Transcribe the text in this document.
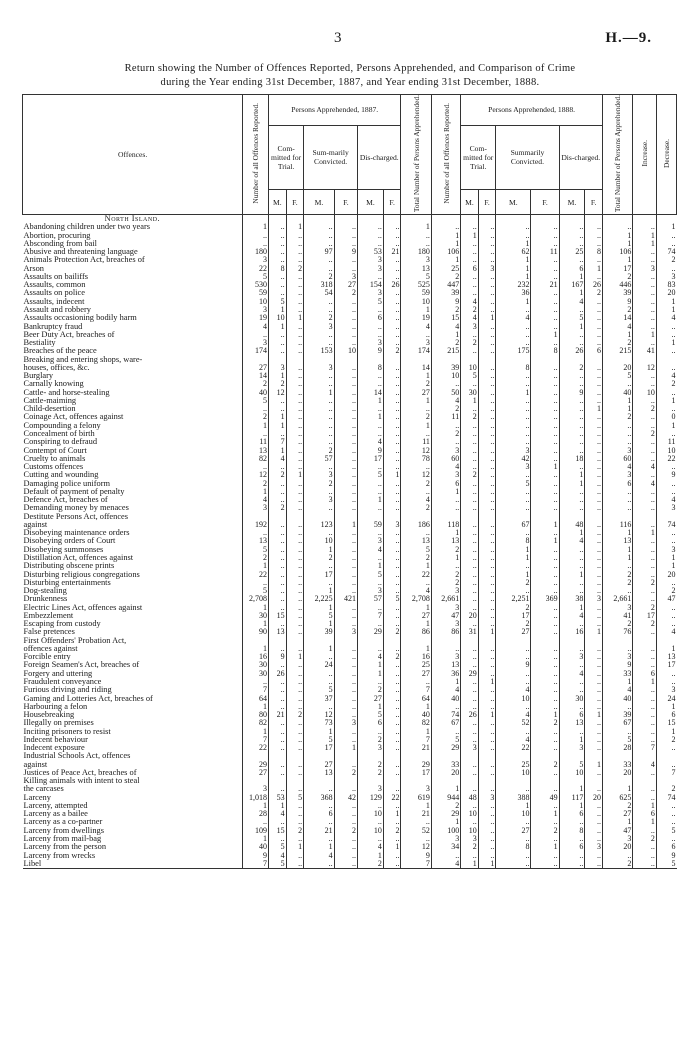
3	H.—9.
Return showing the Number of Offences Reported, Persons Apprehended, and Comparison of Crime
during the Year ending 31st December, 1887, and Year ending 31st December, 1888.
Offences.	Number of all Offences Reported.	Persons Apprehended, 1887.						Total Number of Persons Apprehended.	Number of all Offences Reported.	Persons Apprehended, 1888.						Total Number of Persons Apprehended.	Increase.	Decrease.
		Com-mitted for Trial.		Sum-marily Convicted.		Dis-charged.				Com-mitted for Trial.		Summarily Convicted.		Dis-charged.				
		M.	F.	M.	F.	M.	F.			M.	F.	M.	F.	M.	F.			
North Island.																		
Abandoning children under two years	1	..	1	..	..	..	..	1	..	..	..	..	..	..	..	..	..	1
Abortion, procuring	..	..	..	..	..	..	..	..	1	1	..	..	..	..	..	1	1	..
Absconding from bail	..	..	..	..	..	..	..	..	1	..	..	1	..	..	..	1	1	..
Abusive and threatening language	180	..	..	97	9	53	21	180	106	..	..	62	11	25	8	106	..	74
Animals Protection Act, breaches of	3	..	..	..	..	3	..	3	1	..	..	1	..	..	..	1	..	2
Arson	22	8	2	..	..	3	..	13	25	6	3	1	..	6	1	17	3	..
Assaults on bailiffs	5	..	..	2	3	..	..	5	2	..	..	1	..	1	..	2	..	3
Assaults, common	530	..	..	318	27	154	26	525	447	..	..	232	21	167	26	446	..	83
Assaults on police	59	..	..	54	2	3	..	59	39	..	..	36	..	1	2	39	..	20
Assaults, indecent	10	5	..	..	..	5	..	10	9	4	..	1	..	4	..	9	..	1
Assault and robbery	3	1	..	..	..	..	..	1	2	2	..	..	..	..	..	2	..	1
Assaults occasioning bodily harm	19	10	1	2	..	6	..	19	15	4	1	4	..	5	..	14	..	4
Bankruptcy fraud	4	1	..	3	..	..	..	4	4	3	..	..	..	1	..	4	..	..
Beer Duty Act, breaches of	..	..	..	..	..	..	..	..	1	..	..	..	1	..	..	1	1	..
Bestiality	3	..	..	..	..	3	..	3	2	2	..	..	..	..	..	2	..	1
Breaches of the peace	174	..	..	153	10	9	2	174	215	..	..	175	8	26	6	215	41	..
Breaking and entering shops, ware-																		
houses, offices, &c.	27	3	..	3	..	8	..	14	39	10	..	8	..	2	..	20	12	..
Burglary	14	1	..	..	..	..	..	1	10	5	..	..	..	..	..	5	..	4
Carnally knowing	2	2	..	..	..	..	..	2	..	..	..	..	..	..	..	..	..	2
Cattle- and horse-stealing	40	12	..	1	..	14	..	27	50	30	..	1	..	9	..	40	10	..
Cattle-maiming	5	..	..	..	..	1	..	1	4	1	..	..	..	..	..	1	..	1
Child-desertion	..	..	..	..	..	..	..	..	2	..	..	..	..	..	1	1	2	..
Coinage Act, offences against	2	1	..	..	..	1	..	2	11	2	..	..	..	..	..	2	..	0
Compounding a felony	1	1	..	..	..	..	..	1	..	..	..	..	..	..	..	..	..	1
Concealment of birth	..	..	..	..	..	..	..	..	2	..	..	..	..	..	..	..	2	..
Conspiring to defraud	11	7	..	..	..	4	..	11	..	..	..	..	..	..	..	..	..	11
Contempt of Court	13	1	..	2	..	9	..	12	3	..	..	3	..	..	..	3	..	10
Cruelty to animals	82	4	..	57	..	17	..	78	60	..	..	42	..	18	..	60	..	22
Customs offences	..	..	..	..	..	..	..	..	4	..	..	3	1	..	..	4	4	..
Cutting and wounding	12	2	1	3	..	5	1	12	3	2	..	..	..	1	..	3	..	9
Damaging police uniform	2	..	..	2	..	..	..	2	6	..	..	5	..	1	..	6	4	..
Default of payment of penalty	1	..	..	..	..	..	..	..	1	..	..	..	..	..	..	..	..	..
Defence Act, breaches of	4	..	..	3	..	1	..	4	..	..	..	..	..	..	..	..	..	4
Demanding money by menaces	3	2	..	..	..	..	..	2	..	..	..	..	..	..	..	..	..	3
Destitute Persons Act, offences																		
against	192	..	..	123	1	59	3	186	118	..	..	67	1	48	..	116	..	74
Disobeying maintenance orders	..	..	..	..	..	..	..	..	1	..	..	..	..	1	..	1	1	..
Disobeying orders of Court	13	..	..	10	..	3	..	13	13	..	..	8	1	4	..	13	..	..
Disobeying summonses	5	..	..	1	..	4	..	5	2	..	..	1	..	..	..	1	..	3
Distillation Act, offences against	2	..	..	2	..	..	..	2	1	..	..	1	..	..	..	1	..	1
Distributing obscene prints	1	..	..	..	..	1	..	1	..	..	..	..	..	..	..	..	..	1
Disturbing religious congregations	22	..	..	17	..	5	..	22	2	..	..	1	..	1	..	2	..	20
Disturbing entertainments	..	..	..	..	..	..	..	..	2	..	..	2	..	..	..	2	2	..
Dog-stealing	5	..	..	1	..	3	..	4	3	..	..	..	..	..	..	..	..	2
Drunkenness	2,708	..	..	2,225	421	57	5	2,708	2,661	..	..	2,251	369	38	3	2,661	..	47
Electric Lines Act, offences against	1	..	..	1	..	..	..	1	3	..	..	2	..	1	..	3	2	..
Embezzlement	30	15	..	5	..	7	..	27	47	20	..	17	..	4	..	41	17	..
Escaping from custody	1	..	..	1	..	..	..	1	3	..	..	2	..	..	..	2	2	..
False pretences	90	13	..	39	3	29	2	86	86	31	1	27	..	16	1	76	..	4
First Offenders' Probation Act,																		
offences against	1	..	..	1	..	..	..	1	..	..	..	..	..	..	..	..	..	1
Forcible entry	16	9	1	..	..	4	2	16	3	..	..	..	..	3	..	3	..	13
Foreign Seamen's Act, breaches of	30	..	..	24	..	1	..	25	13	..	..	9	..	..	..	9	..	17
Forgery and uttering	30	26	..	..	..	1	..	27	36	29	..	..	..	4	..	33	6	..
Fraudulent conveyance	..	..	..	..	..	..	..	..	1	..	1	..	..	..	..	1	1	..
Furious driving and riding	7	..	..	5	..	2	..	7	4	..	..	4	..	..	..	4	..	3
Gaming and Lotteries Act, breaches of	64	..	..	37	..	27	..	64	40	..	..	10	..	30	..	40	..	24
Harbouring a felon	1	..	..	..	..	1	..	1	..	..	..	..	..	..	..	..	..	1
Housebreaking	80	21	2	12	..	5	..	40	74	26	1	4	1	6	1	39	..	6
Illegally on premises	82	..	..	73	3	6	..	82	67	..	..	52	2	13	..	67	..	15
Inciting prisoners to resist	1	..	..	1	..	..	..	1	..	..	..	..	..	..	..	..	..	1
Indecent behaviour	7	..	..	5	..	2	..	7	5	..	..	4	..	1	..	5	..	2
Indecent exposure	22	..	..	17	1	3	..	21	29	3	..	22	..	3	..	28	7	..
Industrial Schools Act, offences																		
against	29	..	..	27	..	2	..	29	33	..	..	25	2	5	1	33	4	..
Justices of Peace Act, breaches of	27	..	..	13	2	2	..	17	20	..	..	10	..	10	..	20	..	7
Killing animals with intent to steal																		
the carcases	3	..	..	..	..	3	..	3	1	..	..	..	..	1	..	1	..	2
Larceny	1,018	53	5	368	42	129	22	619	944	48	3	388	49	117	20	625	..	74
Larceny, attempted	1	1	..	..	..	..	..	1	2	..	..	1	..	1	..	2	1	..
Larceny as a bailee	28	4	..	6	..	10	1	21	29	10	..	10	1	6	..	27	6	..
Larceny as a co-partner	..	..	..	..	..	..	..	..	1	..	..	..	..	..	..	1	1	..
Larceny from dwellings	109	15	2	21	2	10	2	52	100	10	..	27	2	8	..	47	..	5
Larceny from mail-bag	1	..	..	..	..	..	..	..	3	3	..	..	..	..	..	3	2	..
Larceny from the person	40	5	1	1	..	4	1	12	34	2	..	8	1	6	3	20	..	6
Larceny from wrecks	9	4	..	4	..	1	..	9	..	..	..	..	..	..	..	..	..	9
Libel	7	5	..	..	..	2	..	7	4	1	1	..	..	..	..	2	..	5
